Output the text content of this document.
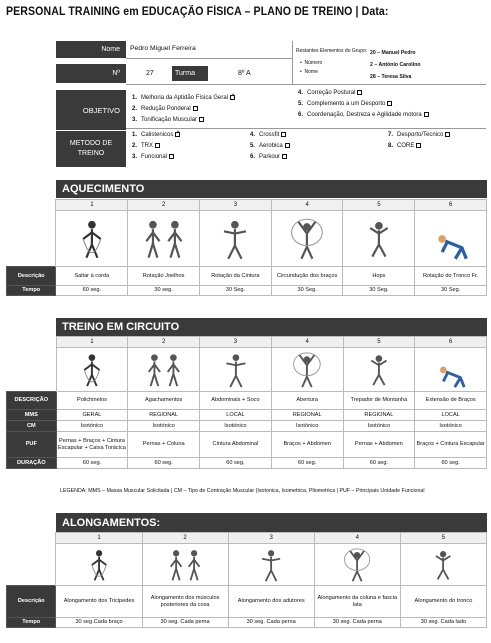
PERSONAL TRAINING em EDUCAÇÃO FÍSICA – PLANO DE TREINO | Data:
Nome	Pedro Miguel Ferreira
Nº	27	Turma	8º A
Restantes Elementos do Grupo:
•  Número
•  Nome
20 – Manuel Pedro
2 – António Carolino
28 – Teresa Silva
OBJETIVO
1. Melhoria da Aptidão Física Geral×
2. Redução Ponderal
3. Tonificação Muscular
4. Correção Postural
5. Complemento a um Desporto
6. Coordenação, Destreza e Agilidade motora
METODO DE TREINO
1. Calistenicos×
2. TRX
3. Funcional
4. Crossfit
5. Aerobica
6. Parkour
7. Desporto/Tecnico
8. CORE
AQUECIMENTO
	1	2	3	4	5	6

Descrição	Saltar à corda	Rotação Joelhos	Rotação da Cintura	Circundução dos braços	Hops	Rotação do Tronco Fr.
Tempo	60 seg.	30 seg.	30 Seg.	30 Seg.	30 Seg.	30 Seg.
TREINO EM CIRCUITO
	1	2	3	4	5	6

DESCRIÇÃO	Polichinelos	Agachamentos	Abdominais + Soco	Abertura	Trepador de Montanha	Extensão de Braços
MMS	GERAL	REGIONAL	LOCAL	REGIONAL	REGIONAL	LOCAL
CM	Isotónico	Isotónico	Isotónico	Isotónico	Isotónico	Isotónico
PUF	Pernas + Braços + Cintura Escapular + Caixa Torácica	Pernas + Coluna	Cintura Abdominal	Braços + Abdomen	Pernas + Abdomen	Braços + Cintura Escapular
DURAÇÃO	60 seg.	60 seg.	60 seg.	60 seg.	60 seg.	60 seg.
LEGENDA: MMS – Massa Muscular Solicitada | CM – Tipo de Contração Muscular (Isotonica, Isometrica, Pliometrica | PUF – Principais Unidade Funcional
ALONGAMENTOS:
	1	2	3	4	5

Descrição	Alongamento dos Tricipedes	Alongamento dos músculos posteriores da coxa	Alongamento dos adutores	Alongamento da coluna e fascia lata	Alongamento do tronco
Tempo	30 seg.Cada braço	30 seg. Cada perna	30 seg. Cada perna	30 seg. Cada perna	30 seg. Cada lado
